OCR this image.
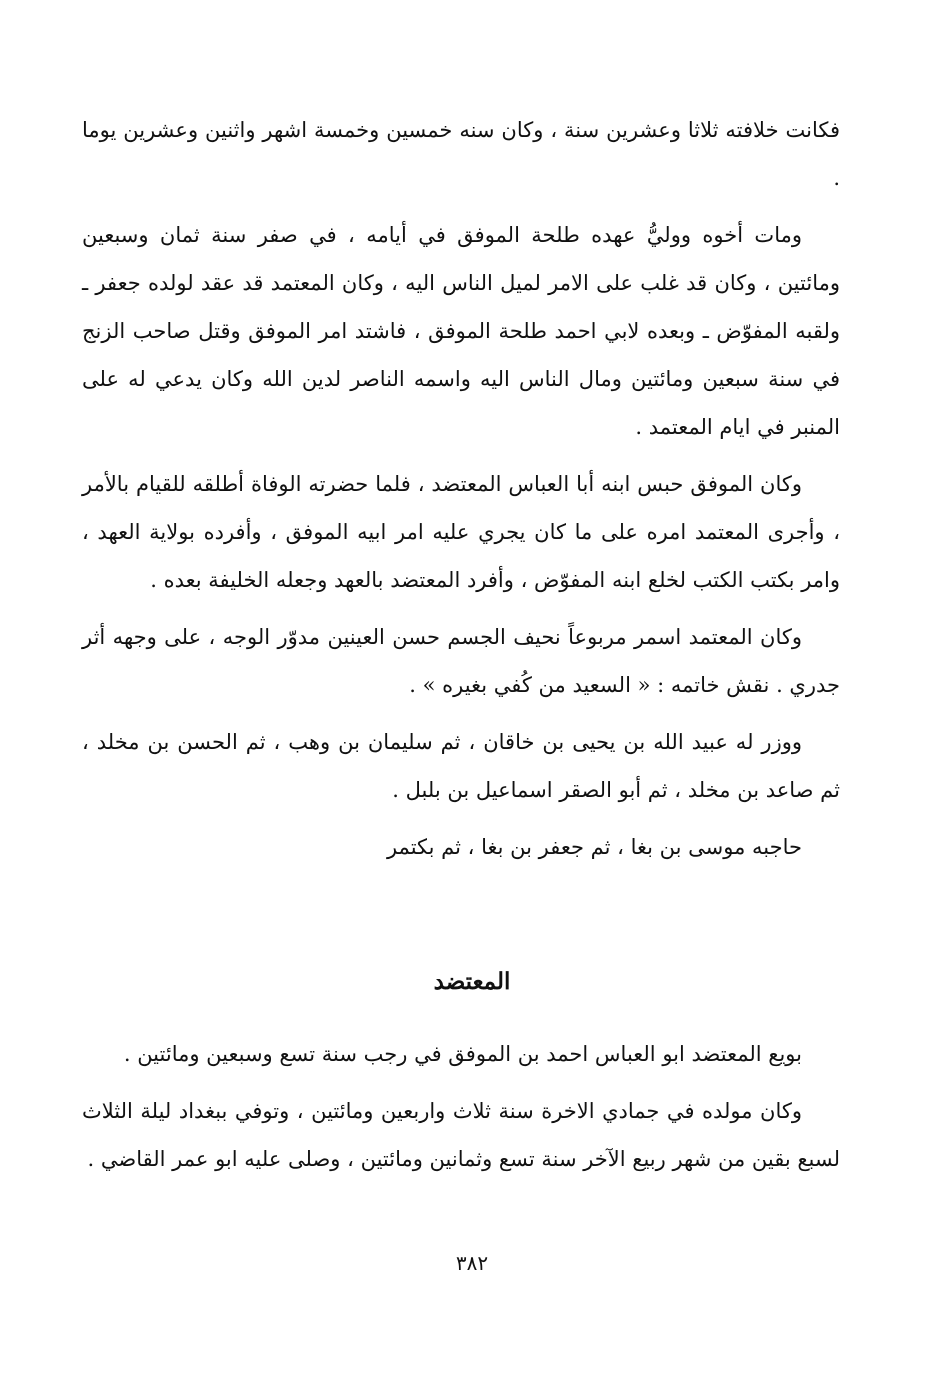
فكانت خلافته ثلاثا وعشرين سنة ، وكان سنه خمسين وخمسة اشهر واثنين وعشرين يوما .

ومات أخوه ووليُّ عهده طلحة الموفق في أيامه ، في صفر سنة ثمان وسبعين ومائتين ، وكان قد غلب على الامر لميل الناس اليه ، وكان المعتمد قد عقد لولده جعفر ـ ولقبه المفوّض ـ وبعده لابي احمد طلحة الموفق ، فاشتد امر الموفق وقتل صاحب الزنج في سنة سبعين ومائتين ومال الناس اليه واسمه الناصر لدين الله وكان يدعي له على المنبر في ايام المعتمد .

وكان الموفق حبس ابنه أبا العباس المعتضد ، فلما حضرته الوفاة أطلقه للقيام بالأمر ، وأجرى المعتمد امره على ما كان يجري عليه امر ابيه الموفق ، وأفرده بولاية العهد ، وامر بكتب الكتب لخلع ابنه المفوّض ، وأفرد المعتضد بالعهد وجعله الخليفة بعده .

وكان المعتمد اسمر مربوعاً نحيف الجسم حسن العينين مدوّر الوجه ، على وجهه أثر جدري . نقش خاتمه : « السعيد من كُفي بغيره » .

ووزر له عبيد الله بن يحيى بن خاقان ، ثم سليمان بن وهب ، ثم الحسن بن مخلد ، ثم صاعد بن مخلد ، ثم أبو الصقر اسماعيل بن بلبل .

حاجبه موسى بن بغا ، ثم جعفر بن بغا ، ثم بكتمر

المعتضد

بويع المعتضد ابو العباس احمد بن الموفق في رجب سنة تسع وسبعين ومائتين .

وكان مولده في جمادي الاخرة سنة ثلاث واربعين ومائتين ، وتوفي ببغداد ليلة الثلاث لسبع بقين من شهر ربيع الآخر سنة تسع وثمانين ومائتين ، وصلى عليه ابو عمر القاضي .

٣٨٢
